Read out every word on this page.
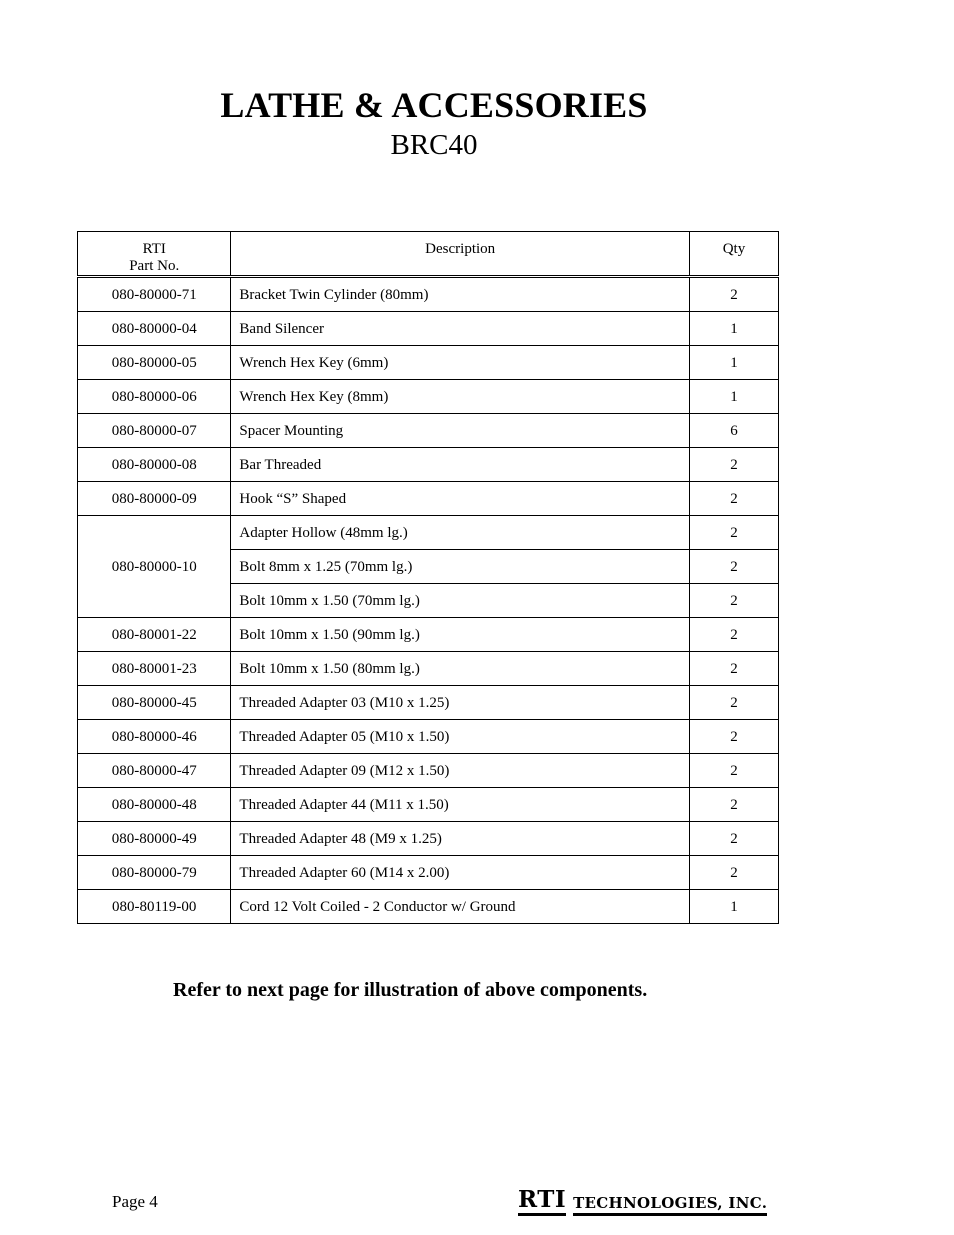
LATHE & ACCESSORIES
BRC40
RTI
Part No.	Description	Qty
080-80000-71	Bracket Twin Cylinder (80mm)	2
080-80000-04	Band Silencer	1
080-80000-05	Wrench Hex Key (6mm)	1
080-80000-06	Wrench Hex Key (8mm)	1
080-80000-07	Spacer Mounting	6
080-80000-08	Bar Threaded	2
080-80000-09	Hook “S” Shaped	2
080-80000-10	Adapter Hollow (48mm lg.)	2
	Bolt 8mm x 1.25 (70mm lg.)	2
	Bolt 10mm x 1.50 (70mm lg.)	2
080-80001-22	Bolt 10mm x 1.50 (90mm lg.)	2
080-80001-23	Bolt 10mm x 1.50 (80mm lg.)	2
080-80000-45	Threaded Adapter 03 (M10 x 1.25)	2
080-80000-46	Threaded Adapter 05 (M10 x 1.50)	2
080-80000-47	Threaded Adapter 09 (M12 x 1.50)	2
080-80000-48	Threaded Adapter 44 (M11 x 1.50)	2
080-80000-49	Threaded Adapter 48 (M9 x 1.25)	2
080-80000-79	Threaded Adapter 60 (M14 x 2.00)	2
080-80119-00	Cord 12 Volt Coiled - 2 Conductor w/ Ground	1

Refer to next page for illustration of above components.

Page 4	RTI TECHNOLOGIES, INC.
